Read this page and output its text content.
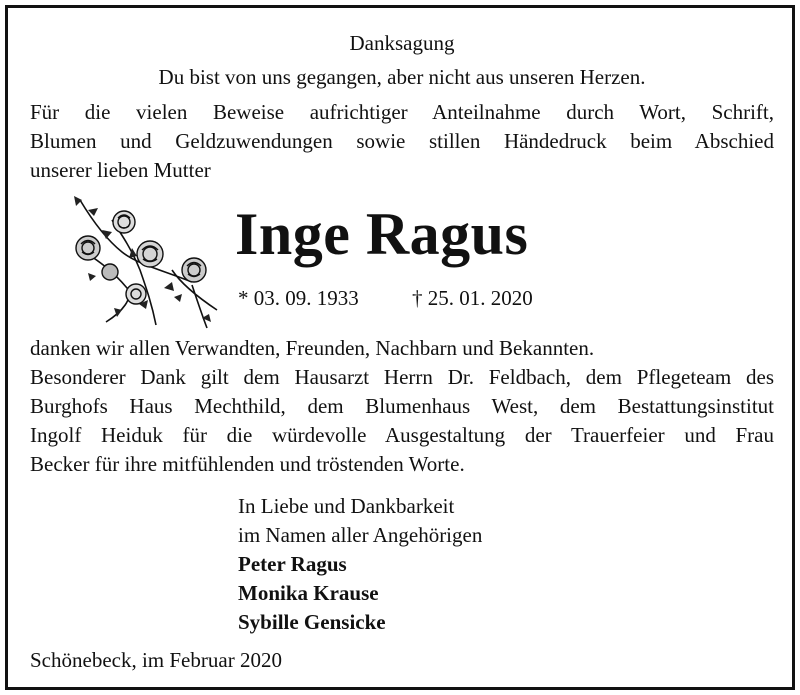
Danksagung
Du bist von uns gegangen, aber nicht aus unseren Herzen.
Für die vielen Beweise aufrichtiger Anteilnahme durch Wort, Schrift,
Blumen und Geldzuwendungen sowie stillen Händedruck beim Abschied
unserer lieben Mutter
Inge Ragus
* 03. 09. 1933	† 25. 01. 2020
danken wir allen Verwandten, Freunden, Nachbarn und Bekannten.
Besonderer Dank gilt dem Hausarzt Herrn Dr. Feldbach, dem Pflegeteam des
Burghofs Haus Mechthild, dem Blumenhaus West, dem Bestattungsinstitut
Ingolf Heiduk für die würdevolle Ausgestaltung der Trauerfeier und Frau
Becker für ihre mitfühlenden und tröstenden Worte.
In Liebe und Dankbarkeit
im Namen aller Angehörigen
Peter Ragus
Monika Krause
Sybille Gensicke
Schönebeck, im Februar 2020
